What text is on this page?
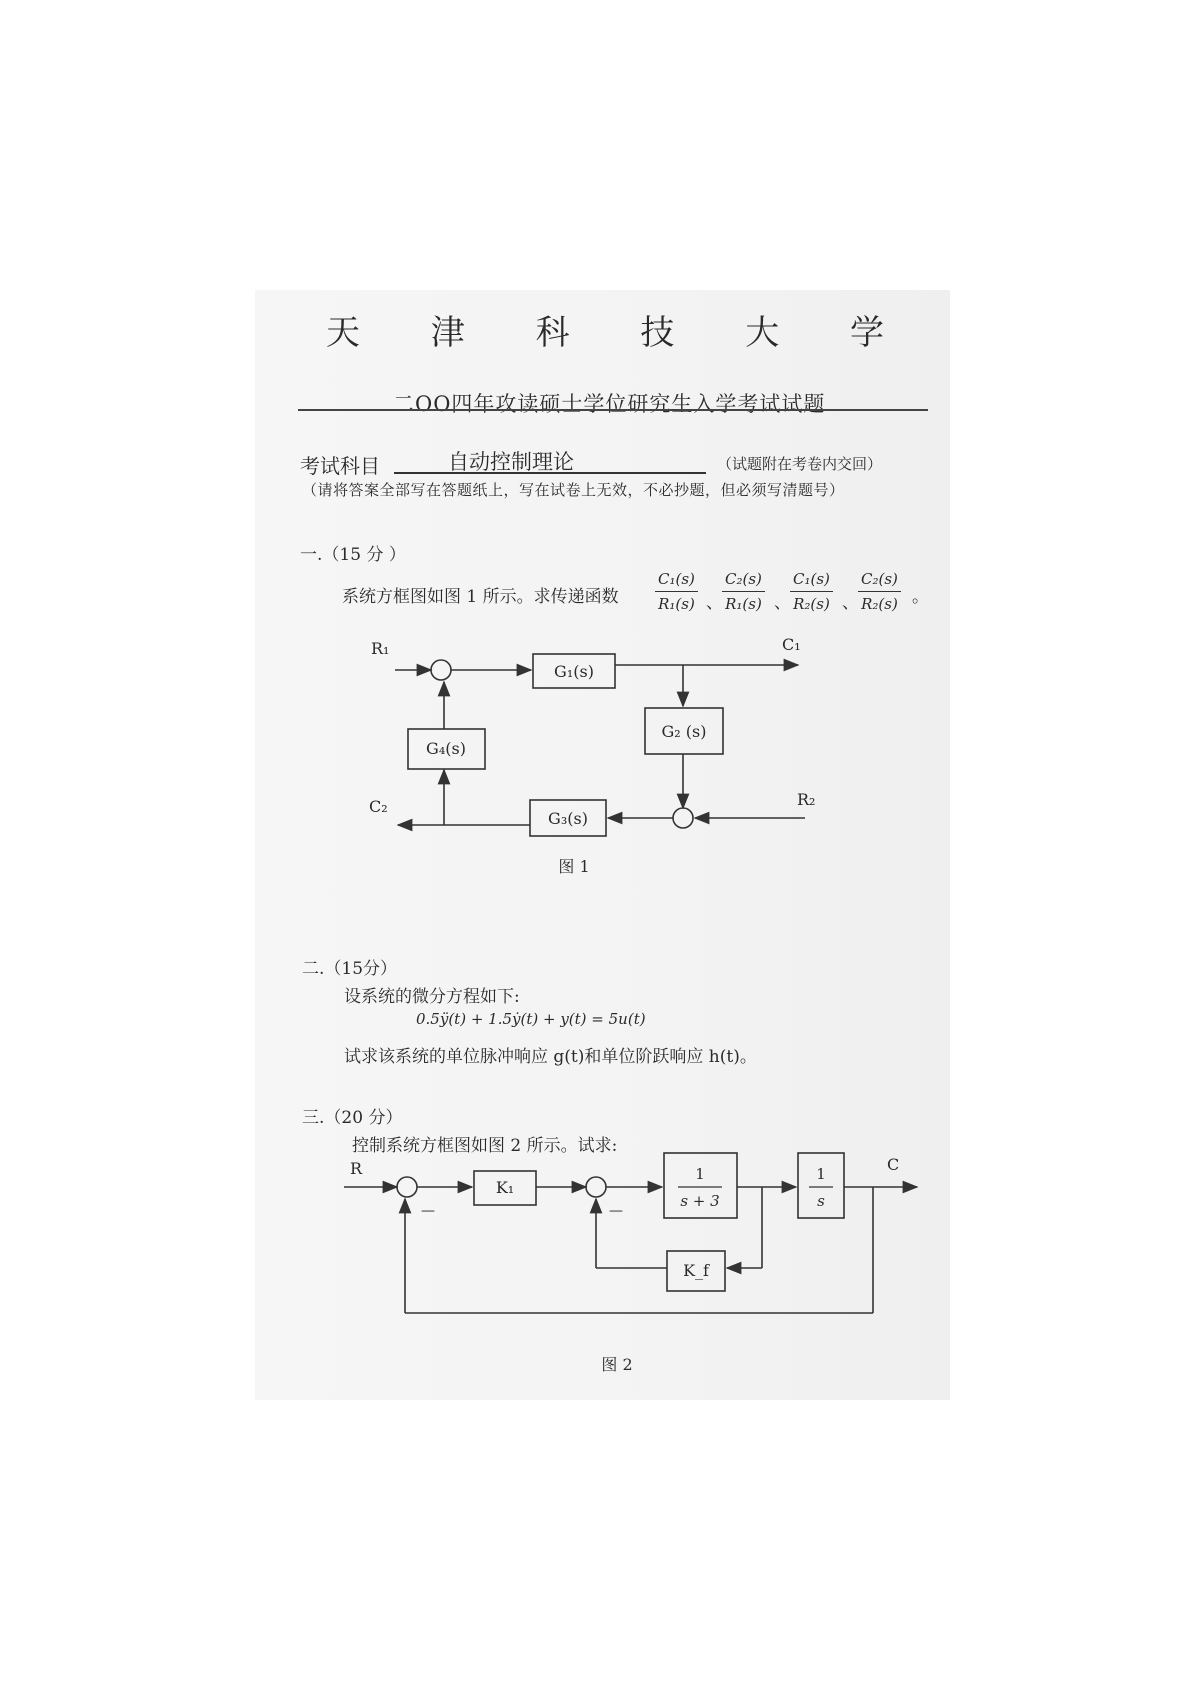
天 津 科 技 大 学
二OO四年攻读硕士学位研究生入学考试试题
考试科目	自动控制理论	（试题附在考卷内交回）
（请将答案全部写在答题纸上，写在试卷上无效，不必抄题，但必须写清题号）
一.（15 分 ）
系统方框图如图 1 所示。求传递函数 $\frac{\text{C₁(s)}}{\text{R₁(s)}}$ 、 $\frac{\text{C₂(s)}}{\text{R₁(s)}}$ 、 $\frac{\text{C₁(s)}}{\text{R₂(s)}}$ 、 $\frac{\text{C₂(s)}}{\text{R₂(s)}}$ 。
R₁	C₁
C₂	R₂
G₁(s)
G₂ (s)
G₃(s)
G₄(s)
图 1
R	C
—	—
K₁
1
s + 3
1
s
K_f
图 2
二.（15分）
设系统的微分方程如下:
0.5ÿ(t) + 1.5ẏ(t) + y(t) = 5u(t)
试求该系统的单位脉冲响应 g(t)和单位阶跃响应 h(t)。
三.（20 分）
控制系统方框图如图 2 所示。试求:
